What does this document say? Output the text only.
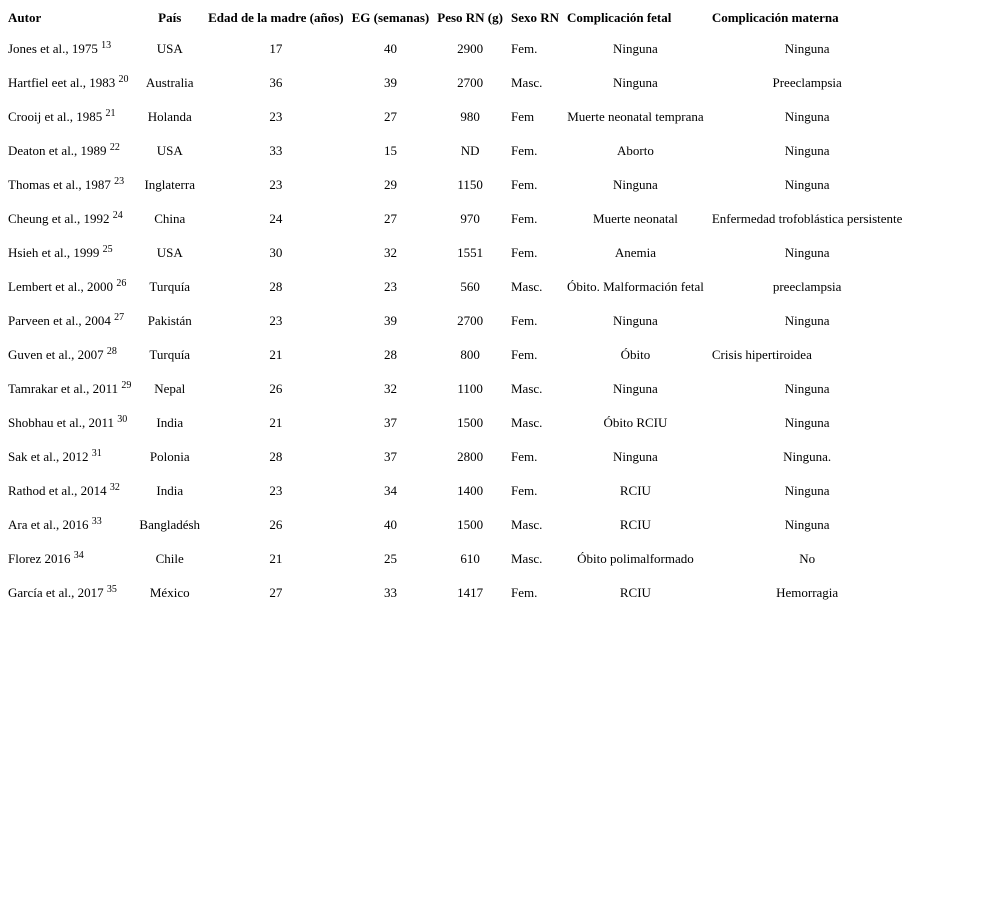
Autor	País	Edad de la madre (años)	EG (semanas)	Peso RN (g)	Sexo RN	Complicación fetal	Complicación materna
Jones et al., 1975 $^{13}$	USA	17	40	2900	Fem.	Ninguna	Ninguna
Hartfiel eet al., 1983 $^{20}$	Australia	36	39	2700	Masc.	Ninguna	Preeclampsia
Crooij et al., 1985 $^{21}$	Holanda	23	27	980	Fem	Muerte neonatal temprana	Ninguna
Deaton et al., 1989 $^{22}$	USA	33	15	ND	Fem.	Aborto	Ninguna
Thomas et al., 1987 $^{23}$	Inglaterra	23	29	1150	Fem.	Ninguna	Ninguna
Cheung et al., 1992 $^{24}$	China	24	27	970	Fem.	Muerte neonatal	Enfermedad trofoblástica persistente
Hsieh et al., 1999 $^{25}$	USA	30	32	1551	Fem.	Anemia	Ninguna
Lembert et al., 2000 $^{26}$	Turquía	28	23	560	Masc.	Óbito. Malformación fetal	preeclampsia
Parveen et al., 2004 $^{27}$	Pakistán	23	39	2700	Fem.	Ninguna	Ninguna
Guven et al., 2007 $^{28}$	Turquía	21	28	800	Fem.	Óbito	Crisis hipertiroidea
Tamrakar et al., 2011 $^{29}$	Nepal	26	32	1100	Masc.	Ninguna	Ninguna
Shobhau et al., 2011 $^{30}$	India	21	37	1500	Masc.	Óbito RCIU	Ninguna
Sak et al., 2012 $^{31}$	Polonia	28	37	2800	Fem.	Ninguna	Ninguna.
Rathod et al., 2014 $^{32}$	India	23	34	1400	Fem.	RCIU	Ninguna
Ara et al., 2016 $^{33}$	Bangladésh	26	40	1500	Masc.	RCIU	Ninguna
Florez 2016 $^{34}$	Chile	21	25	610	Masc.	Óbito polimalformado	No
García et al., 2017 $^{35}$	México	27	33	1417	Fem.	RCIU	Hemorragia
